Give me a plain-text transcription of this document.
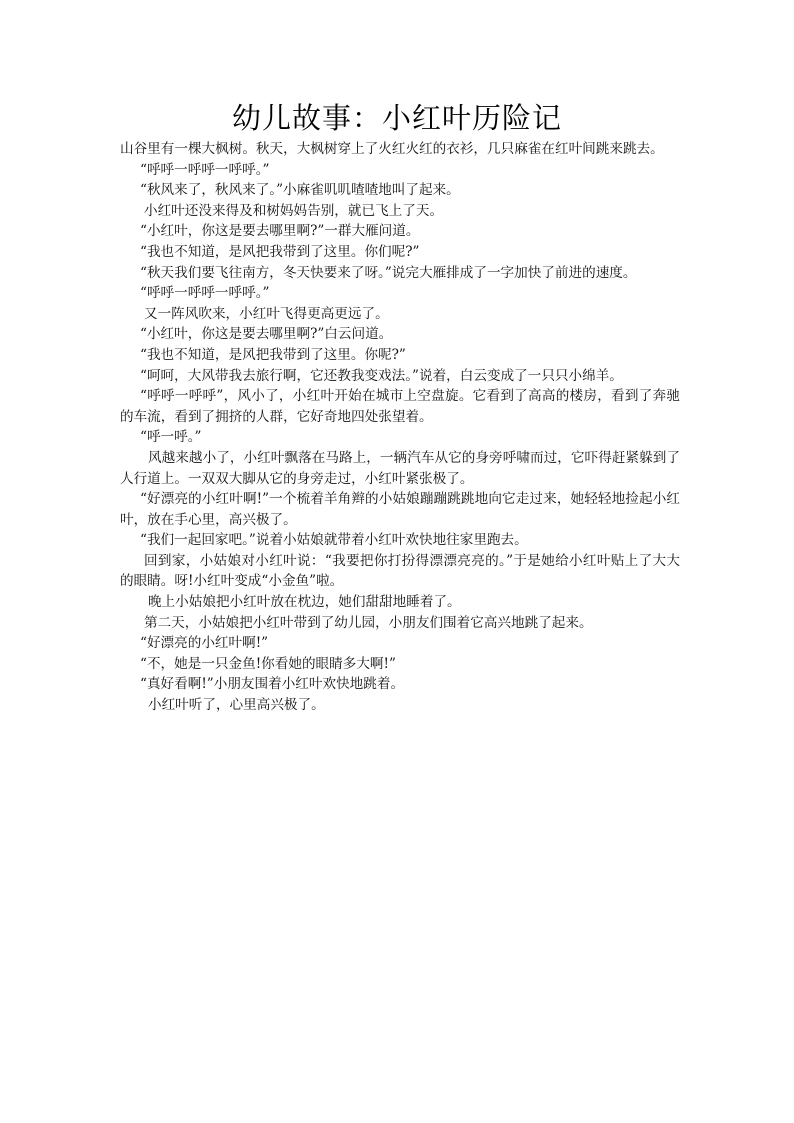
幼儿故事：小红叶历险记

山谷里有一棵大枫树。秋天，大枫树穿上了火红火红的衣衫，几只麻雀在红叶间跳来跳去。

“呼呼一呼呼一呼呼。”

“秋风来了，秋风来了。”小麻雀叽叽喳喳地叫了起来。

小红叶还没来得及和树妈妈告别，就已飞上了天。

“小红叶，你这是要去哪里啊?”一群大雁问道。

“我也不知道，是风把我带到了这里。你们呢?”

“秋天我们要飞往南方，冬天快要来了呀。”说完大雁排成了一字加快了前进的速度。

“呼呼一呼呼一呼呼。”

又一阵风吹来，小红叶飞得更高更远了。

“小红叶，你这是要去哪里啊?”白云问道。

“我也不知道，是风把我带到了这里。你呢?”

“呵呵，大风带我去旅行啊，它还教我变戏法。”说着，白云变成了一只只小绵羊。

“呼呼一呼呼”，风小了，小红叶开始在城市上空盘旋。它看到了高高的楼房，看到了奔驰的车流，看到了拥挤的人群，它好奇地四处张望着。

“呼一呼。”

风越来越小了，小红叶飘落在马路上，一辆汽车从它的身旁呼啸而过，它吓得赶紧躲到了人行道上。一双双大脚从它的身旁走过，小红叶紧张极了。

“好漂亮的小红叶啊!”一个梳着羊角辫的小姑娘蹦蹦跳跳地向它走过来，她轻轻地捡起小红叶，放在手心里，高兴极了。

“我们一起回家吧。”说着小姑娘就带着小红叶欢快地往家里跑去。

回到家，小姑娘对小红叶说：“我要把你打扮得漂漂亮亮的。”于是她给小红叶贴上了大大的眼睛。呀!小红叶变成“小金鱼”啦。

晚上小姑娘把小红叶放在枕边，她们甜甜地睡着了。

第二天，小姑娘把小红叶带到了幼儿园，小朋友们围着它高兴地跳了起来。

“好漂亮的小红叶啊!”

“不，她是一只金鱼!你看她的眼睛多大啊!”

“真好看啊!”小朋友围着小红叶欢快地跳着。

小红叶听了，心里高兴极了。
